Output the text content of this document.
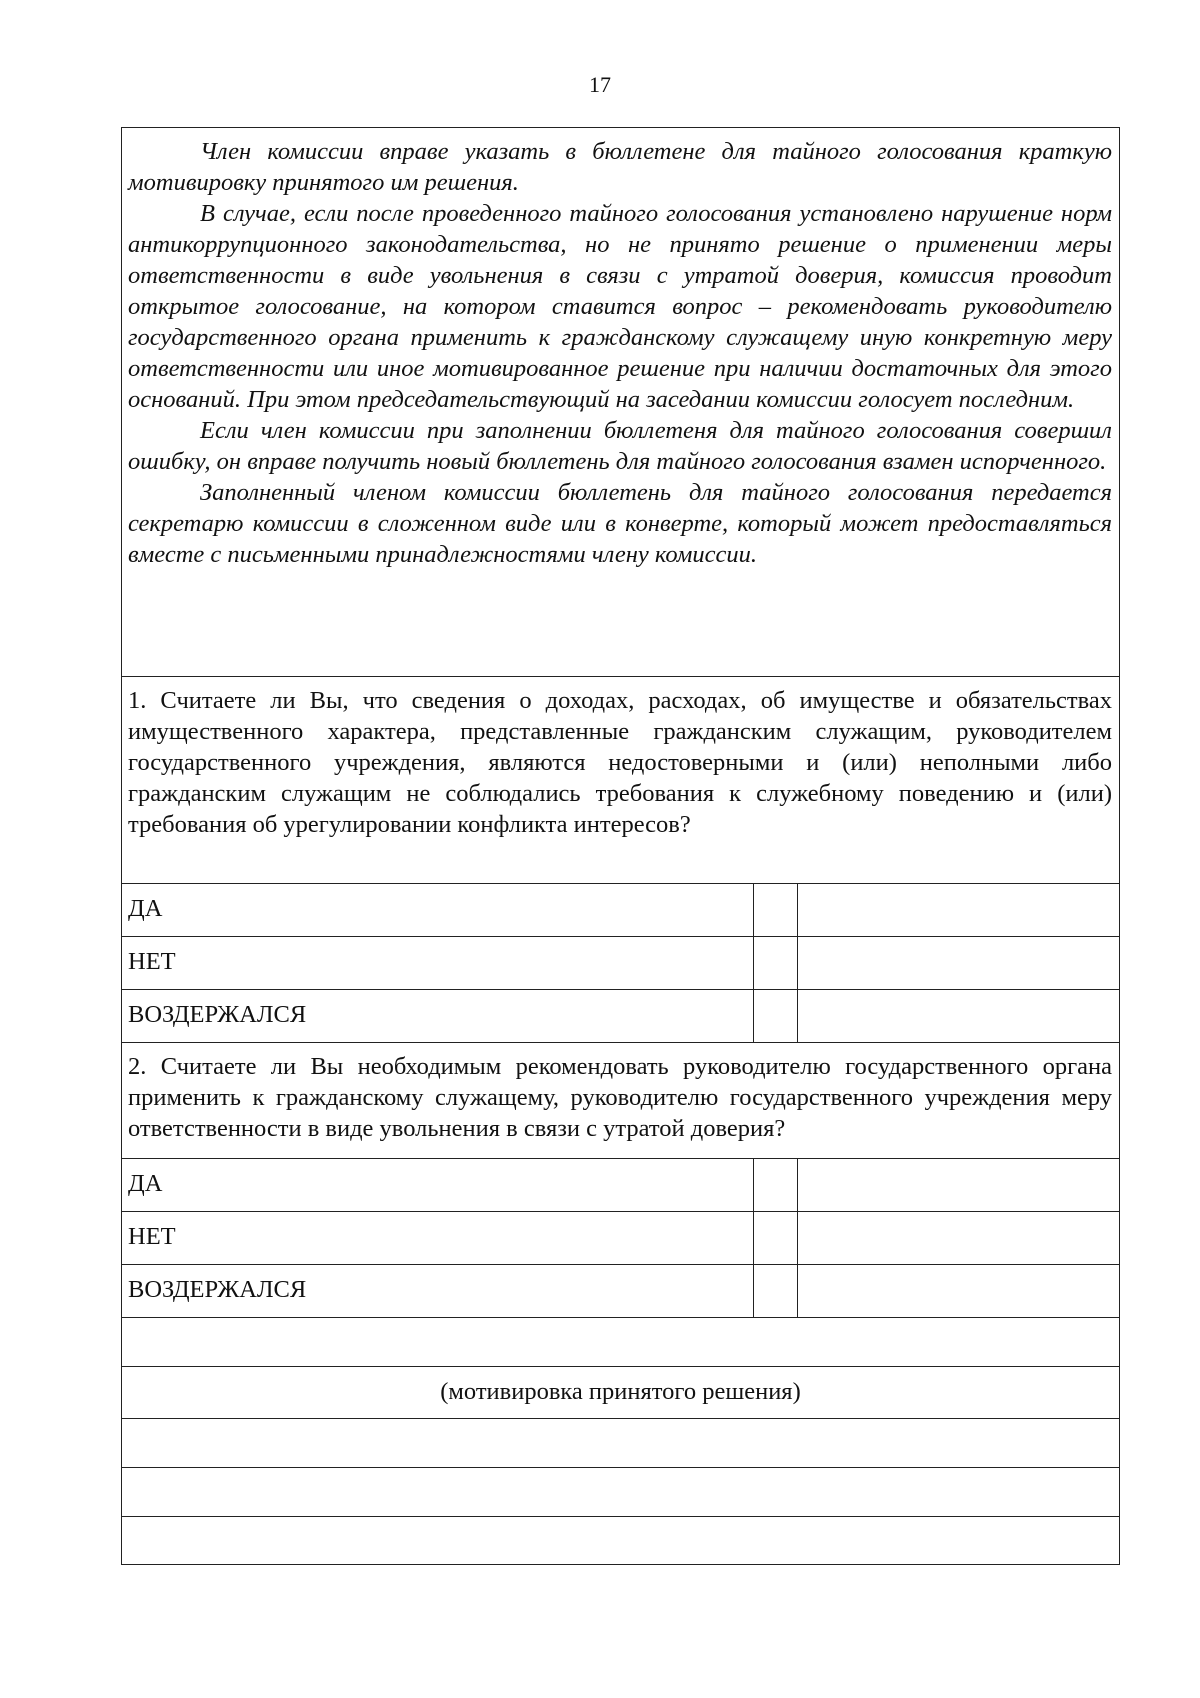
17

Член комиссии вправе указать в бюллетене для тайного голосования краткую мотивировку принятого им решения.

В случае, если после проведенного тайного голосования установлено нарушение норм антикоррупционного законодательства, но не принято решение о применении меры ответственности в виде увольнения в связи с утратой доверия, комиссия проводит открытое голосование, на котором ставится вопрос – рекомендовать руководителю государственного органа применить к гражданскому служащему иную конкретную меру ответственности или иное мотивированное решение при наличии достаточных для этого оснований. При этом председательствующий на заседании комиссии голосует последним.

Если член комиссии при заполнении бюллетеня для тайного голосования совершил ошибку, он вправе получить новый бюллетень для тайного голосования взамен испорченного.

Заполненный членом комиссии бюллетень для тайного голосования передается секретарю комиссии в сложенном виде или в конверте, который может предоставляться вместе с письменными принадлежностями члену комиссии.

1. Считаете ли Вы, что сведения о доходах, расходах, об имуществе и обязательствах имущественного характера, представленные гражданским служащим, руководителем государственного учреждения, являются недостоверными и (или) неполными либо гражданским служащим не соблюдались требования к служебному поведению и (или) требования об урегулировании конфликта интересов?
ДА
НЕТ
ВОЗДЕРЖАЛСЯ
2. Считаете ли Вы необходимым рекомендовать руководителю государственного органа применить к гражданскому служащему, руководителю государственного учреждения меру ответственности в виде увольнения в связи с утратой доверия?
ДА
НЕТ
ВОЗДЕРЖАЛСЯ
(мотивировка принятого решения)
